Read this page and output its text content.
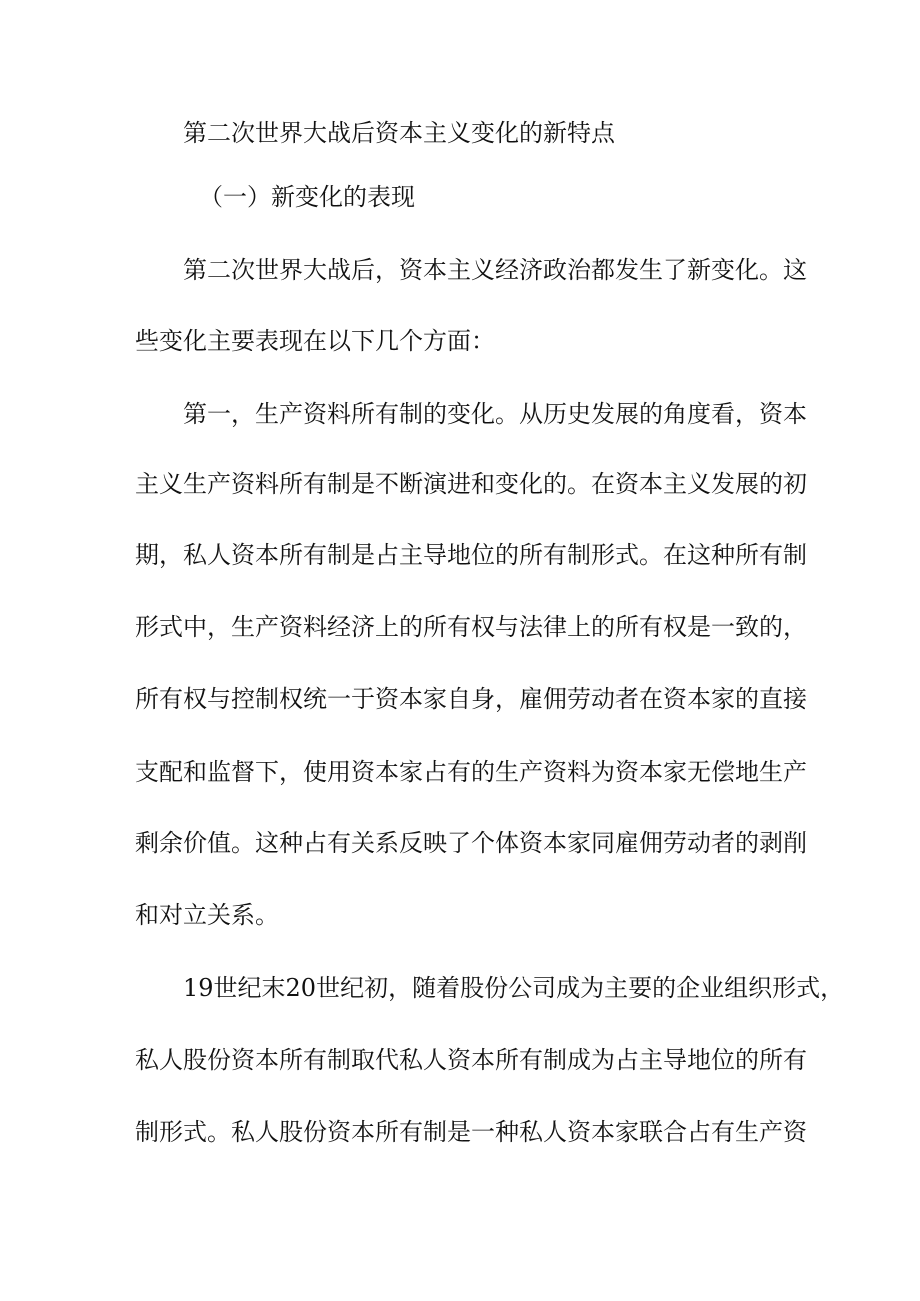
第二次世界大战后资本主义变化的新特点

（一）新变化的表现

第二次世界大战后，资本主义经济政治都发生了新变化。这

些变化主要表现在以下几个方面：

第一，生产资料所有制的变化。从历史发展的角度看，资本

主义生产资料所有制是不断演进和变化的。在资本主义发展的初

期，私人资本所有制是占主导地位的所有制形式。在这种所有制

形式中，生产资料经济上的所有权与法律上的所有权是一致的，

所有权与控制权统一于资本家自身，雇佣劳动者在资本家的直接

支配和监督下，使用资本家占有的生产资料为资本家无偿地生产

剩余价值。这种占有关系反映了个体资本家同雇佣劳动者的剥削

和对立关系。

19世纪末20世纪初，随着股份公司成为主要的企业组织形式，

私人股份资本所有制取代私人资本所有制成为占主导地位的所有

制形式。私人股份资本所有制是一种私人资本家联合占有生产资
